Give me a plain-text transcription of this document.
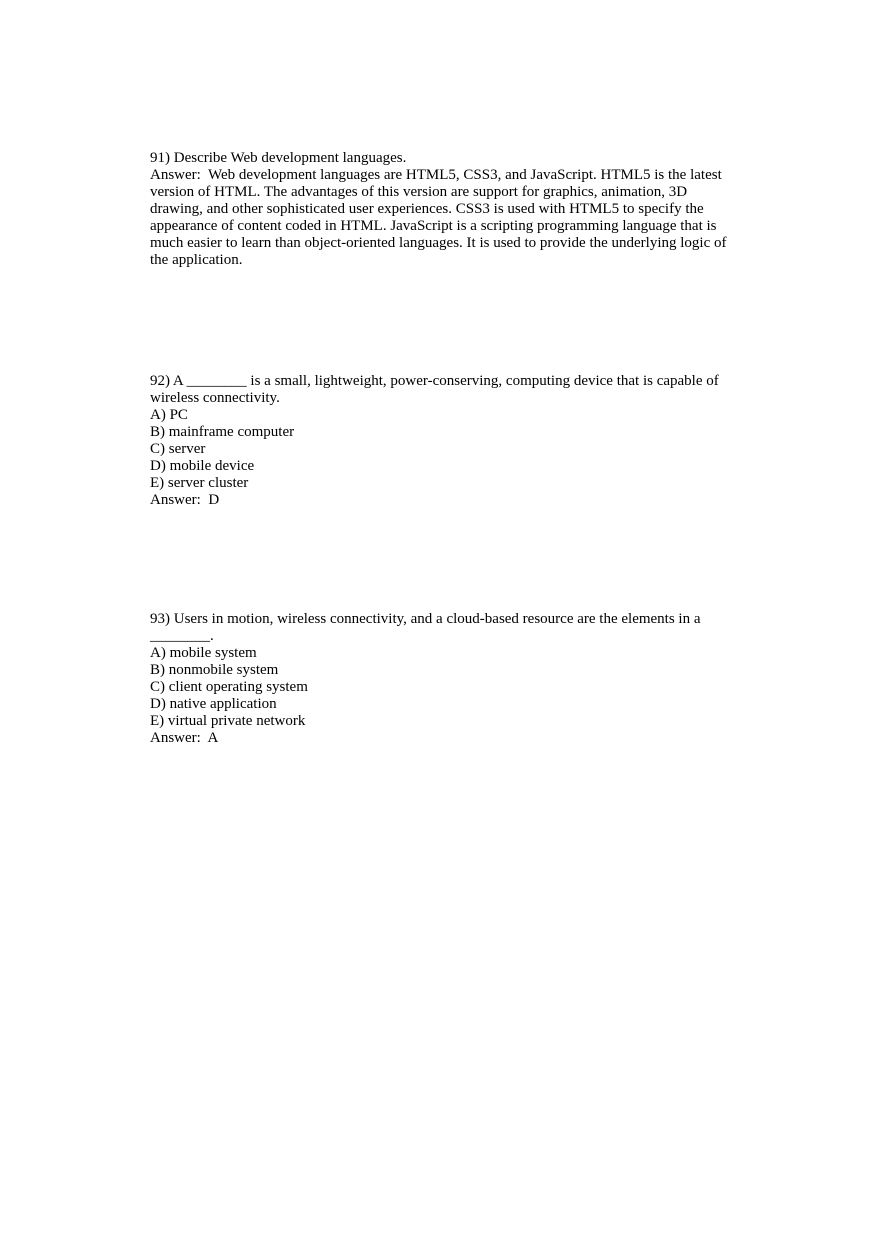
91) Describe Web development languages.
Answer:  Web development languages are HTML5, CSS3, and JavaScript. HTML5 is the latest version of HTML. The advantages of this version are support for graphics, animation, 3D drawing, and other sophisticated user experiences. CSS3 is used with HTML5 to specify the appearance of content coded in HTML. JavaScript is a scripting programming language that is much easier to learn than object-oriented languages. It is used to provide the underlying logic of the application.
92) A ________ is a small, lightweight, power-conserving, computing device that is capable of wireless connectivity.
A) PC
B) mainframe computer
C) server
D) mobile device
E) server cluster
Answer:  D
93) Users in motion, wireless connectivity, and a cloud-based resource are the elements in a
________.
A) mobile system
B) nonmobile system
C) client operating system
D) native application
E) virtual private network
Answer:  A
